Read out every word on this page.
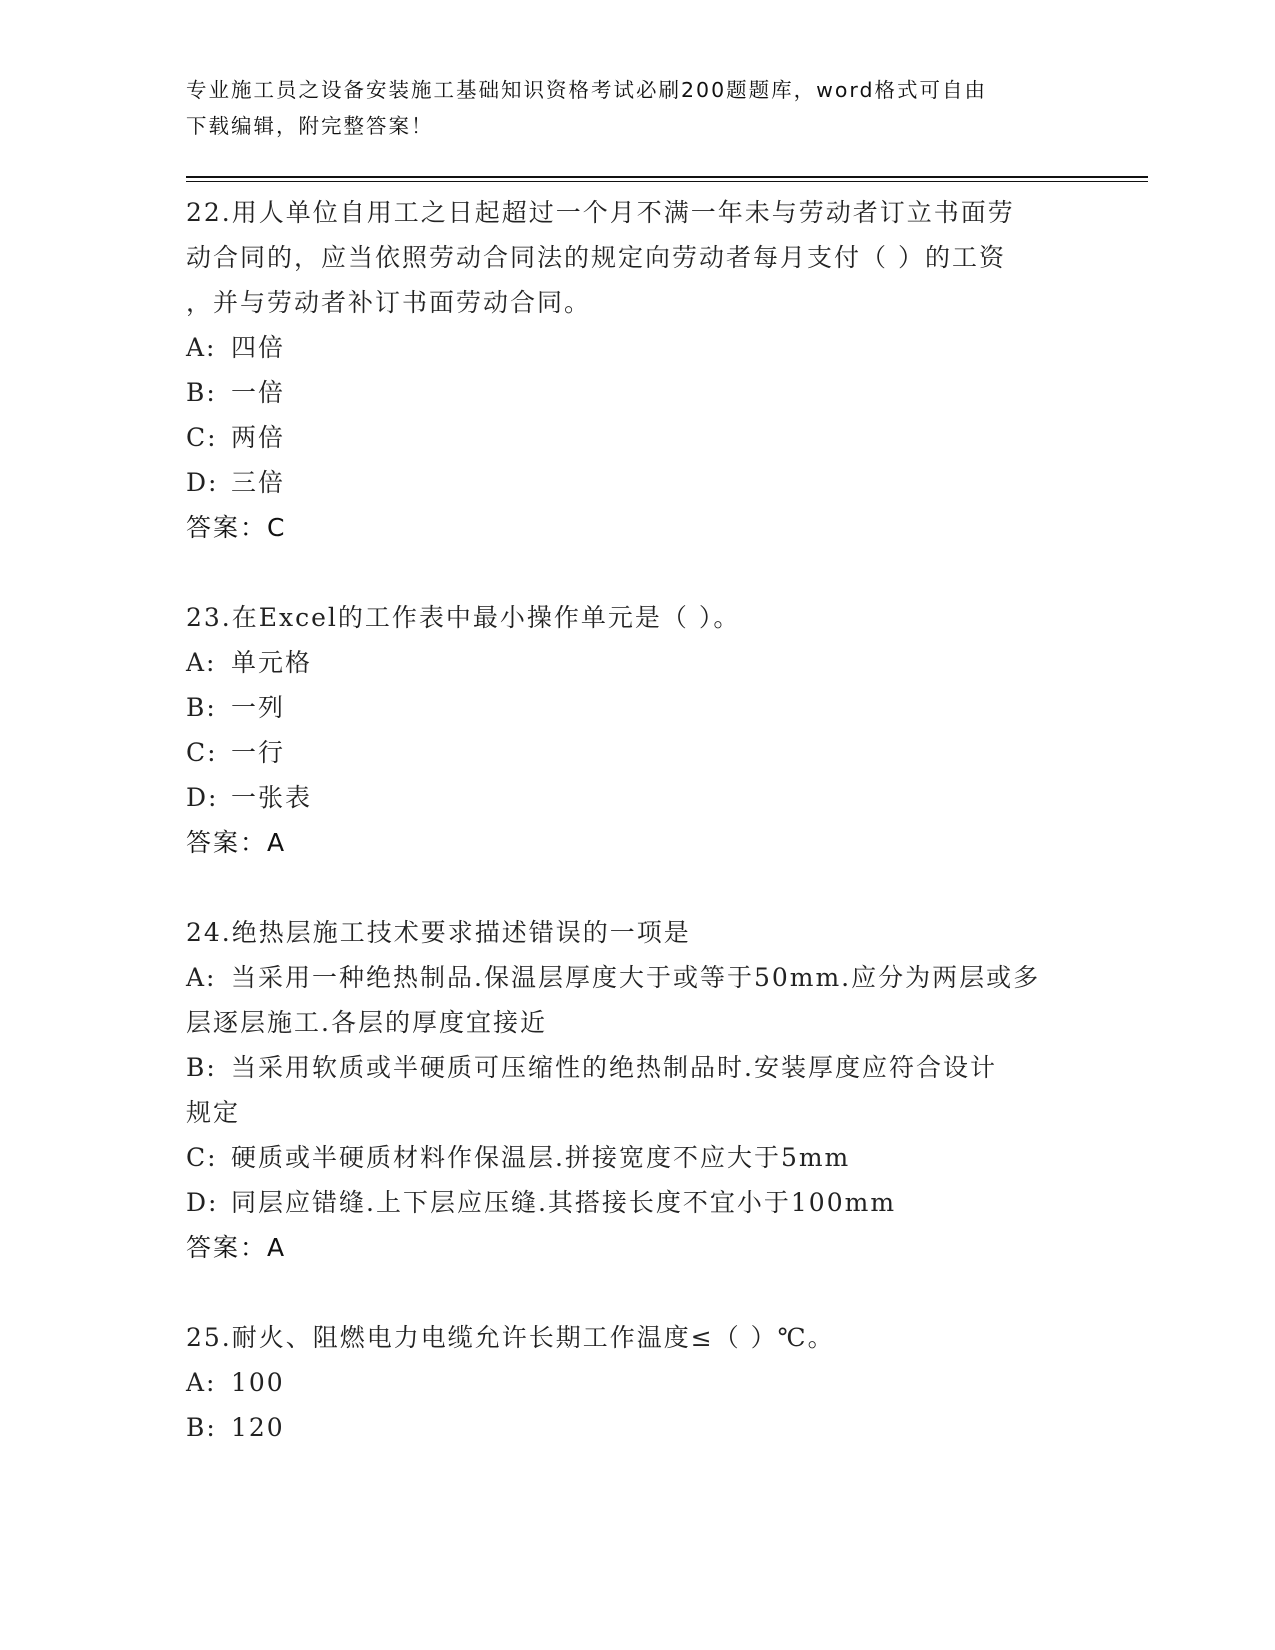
专业施工员之设备安装施工基础知识资格考试必刷200题题库，word格式可自由
下载编辑，附完整答案！
22.用人单位自用工之日起超过一个月不满一年未与劳动者订立书面劳
动合同的，应当依照劳动合同法的规定向劳动者每月支付（ ）的工资
，并与劳动者补订书面劳动合同。
A: 四倍
B: 一倍
C: 两倍
D: 三倍
答案：C
23.在Excel的工作表中最小操作单元是（ ）。
A: 单元格
B: 一列
C: 一行
D: 一张表
答案：A
24.绝热层施工技术要求描述错误的一项是
A: 当采用一种绝热制品.保温层厚度大于或等于50mm.应分为两层或多
层逐层施工.各层的厚度宜接近
B: 当采用软质或半硬质可压缩性的绝热制品时.安装厚度应符合设计
规定
C: 硬质或半硬质材料作保温层.拼接宽度不应大于5mm
D: 同层应错缝.上下层应压缝.其搭接长度不宜小于100mm
答案：A
25.耐火、阻燃电力电缆允许长期工作温度≤（ ）℃。
A: 100
B: 120
